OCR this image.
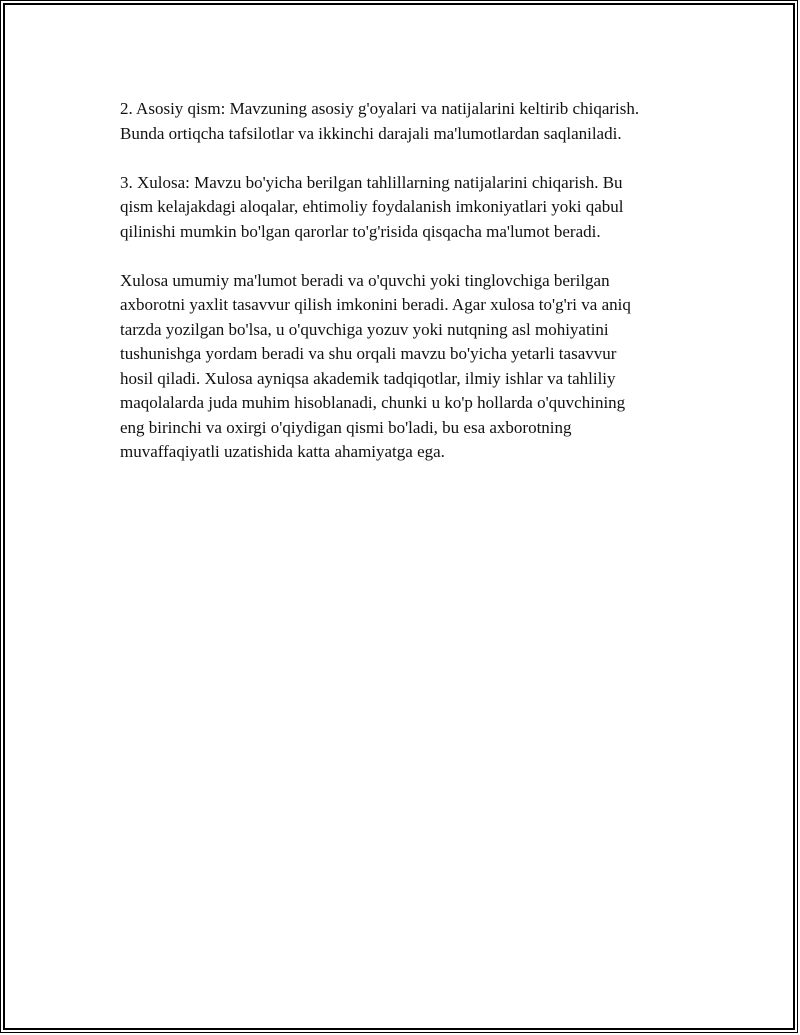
2. Asosiy qism: Mavzuning asosiy g'oyalari va natijalarini keltirib chiqarish.
Bunda ortiqcha tafsilotlar va ikkinchi darajali ma'lumotlardan saqlaniladi.

3. Xulosa: Mavzu bo'yicha berilgan tahlillarning natijalarini chiqarish. Bu
qism kelajakdagi aloqalar, ehtimoliy foydalanish imkoniyatlari yoki qabul
qilinishi mumkin bo'lgan qarorlar to'g'risida qisqacha ma'lumot beradi.

Xulosa umumiy ma'lumot beradi va o'quvchi yoki tinglovchiga berilgan
axborotni yaxlit tasavvur qilish imkonini beradi. Agar xulosa to'g'ri va aniq
tarzda yozilgan bo'lsa, u o'quvchiga yozuv yoki nutqning asl mohiyatini
tushunishga yordam beradi va shu orqali mavzu bo'yicha yetarli tasavvur
hosil qiladi. Xulosa ayniqsa akademik tadqiqotlar, ilmiy ishlar va tahliliy
maqolalarda juda muhim hisoblanadi, chunki u ko'p hollarda o'quvchining
eng birinchi va oxirgi o'qiydigan qismi bo'ladi, bu esa axborotning
muvaffaqiyatli uzatishida katta ahamiyatga ega.
